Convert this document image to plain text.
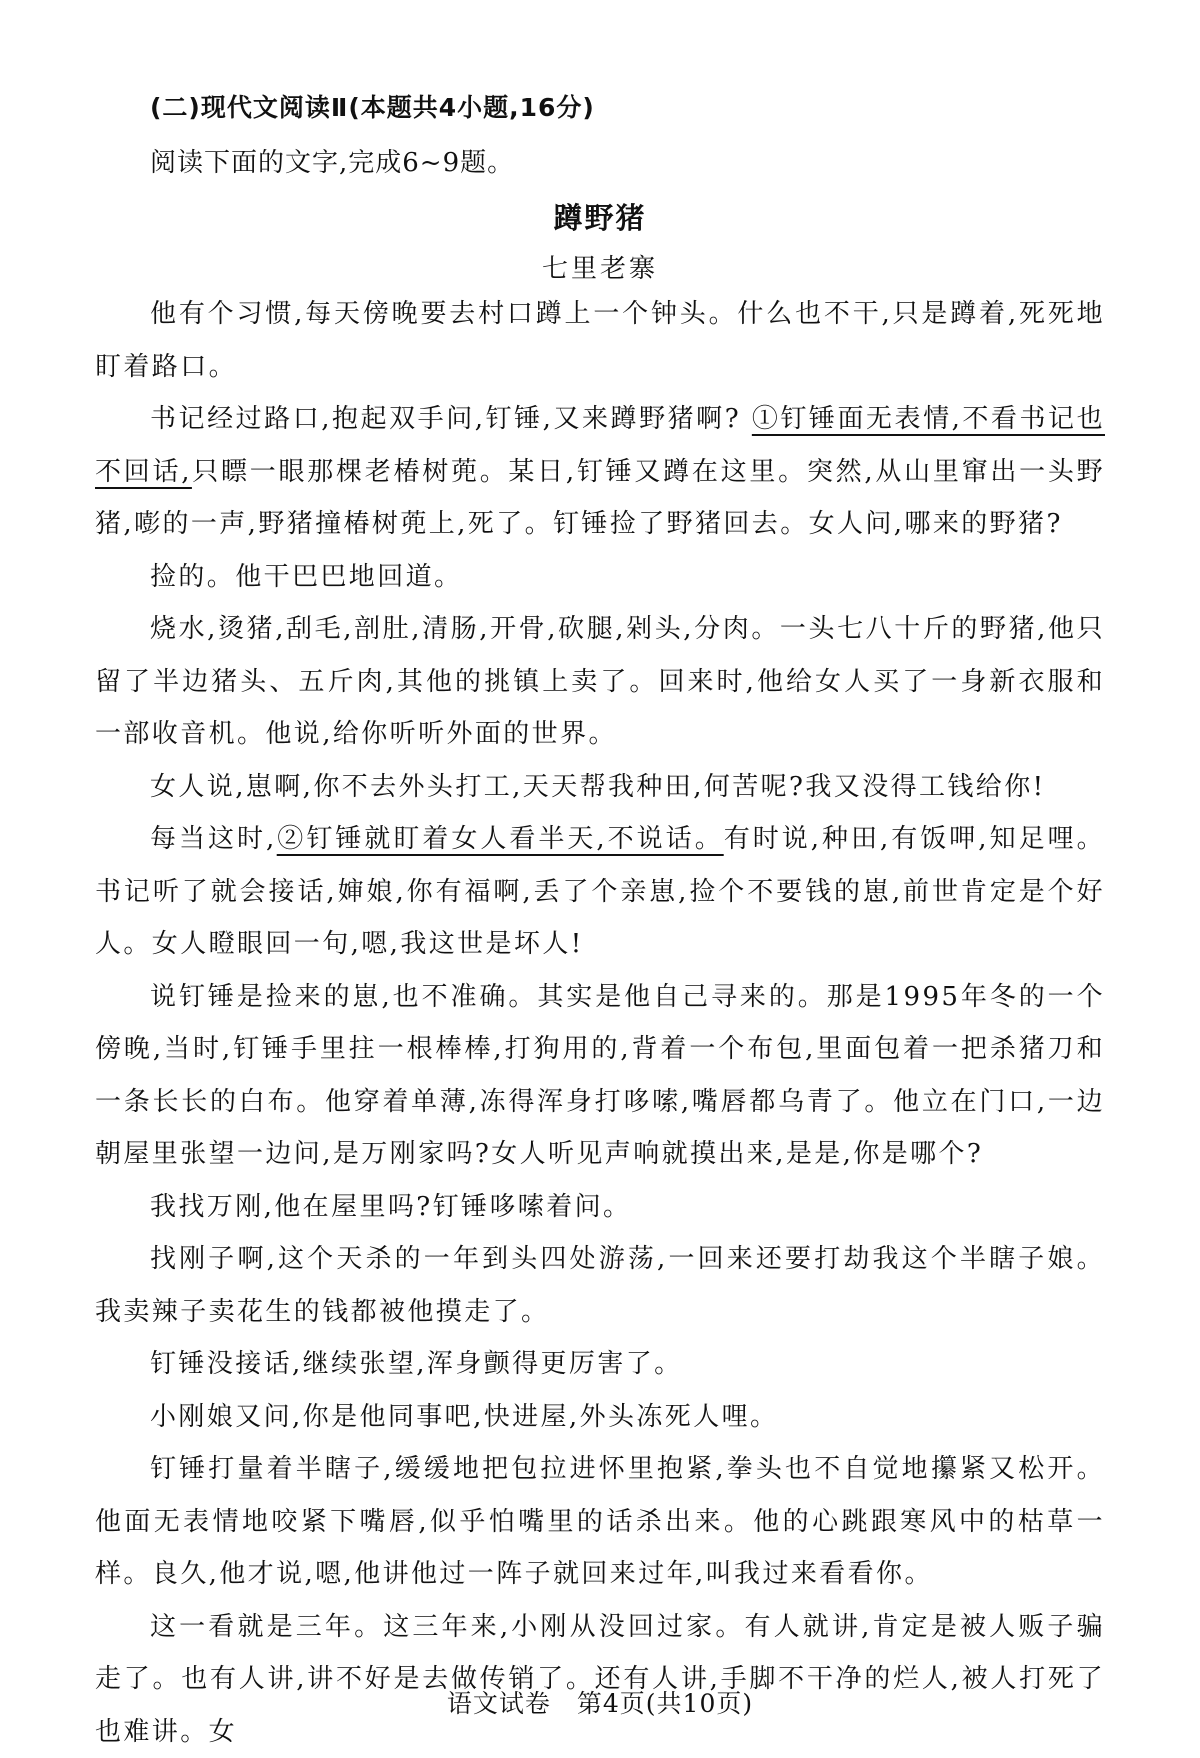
(二)现代文阅读Ⅱ(本题共4小题,16分)
阅读下面的文字,完成6~9题。
蹲野猪
七里老寨

他有个习惯,每天傍晚要去村口蹲上一个钟头。什么也不干,只是蹲着,死死地盯着路口。

书记经过路口,抱起双手问,钉锤,又来蹲野猪啊? ①钉锤面无表情,不看书记也不回话,只瞟一眼那棵老椿树蔸。某日,钉锤又蹲在这里。突然,从山里窜出一头野猪,嘭的一声,野猪撞椿树蔸上,死了。钉锤捡了野猪回去。女人问,哪来的野猪?

捡的。他干巴巴地回道。

烧水,烫猪,刮毛,剖肚,清肠,开骨,砍腿,剁头,分肉。一头七八十斤的野猪,他只留了半边猪头、五斤肉,其他的挑镇上卖了。回来时,他给女人买了一身新衣服和一部收音机。他说,给你听听外面的世界。

女人说,崽啊,你不去外头打工,天天帮我种田,何苦呢?我又没得工钱给你!

每当这时,②钉锤就盯着女人看半天,不说话。有时说,种田,有饭呷,知足哩。书记听了就会接话,婶娘,你有福啊,丢了个亲崽,捡个不要钱的崽,前世肯定是个好人。女人瞪眼回一句,嗯,我这世是坏人!

说钉锤是捡来的崽,也不准确。其实是他自己寻来的。那是1995年冬的一个傍晚,当时,钉锤手里拄一根棒棒,打狗用的,背着一个布包,里面包着一把杀猪刀和一条长长的白布。他穿着单薄,冻得浑身打哆嗦,嘴唇都乌青了。他立在门口,一边朝屋里张望一边问,是万刚家吗?女人听见声响就摸出来,是是,你是哪个?

我找万刚,他在屋里吗?钉锤哆嗦着问。

找刚子啊,这个天杀的一年到头四处游荡,一回来还要打劫我这个半瞎子娘。我卖辣子卖花生的钱都被他摸走了。

钉锤没接话,继续张望,浑身颤得更厉害了。

小刚娘又问,你是他同事吧,快进屋,外头冻死人哩。

钉锤打量着半瞎子,缓缓地把包拉进怀里抱紧,拳头也不自觉地攥紧又松开。他面无表情地咬紧下嘴唇,似乎怕嘴里的话杀出来。他的心跳跟寒风中的枯草一样。良久,他才说,嗯,他讲他过一阵子就回来过年,叫我过来看看你。

这一看就是三年。这三年来,小刚从没回过家。有人就讲,肯定是被人贩子骗走了。也有人讲,讲不好是去做传销了。还有人讲,手脚不干净的烂人,被人打死了也难讲。女

语文试卷　第4页(共10页)
